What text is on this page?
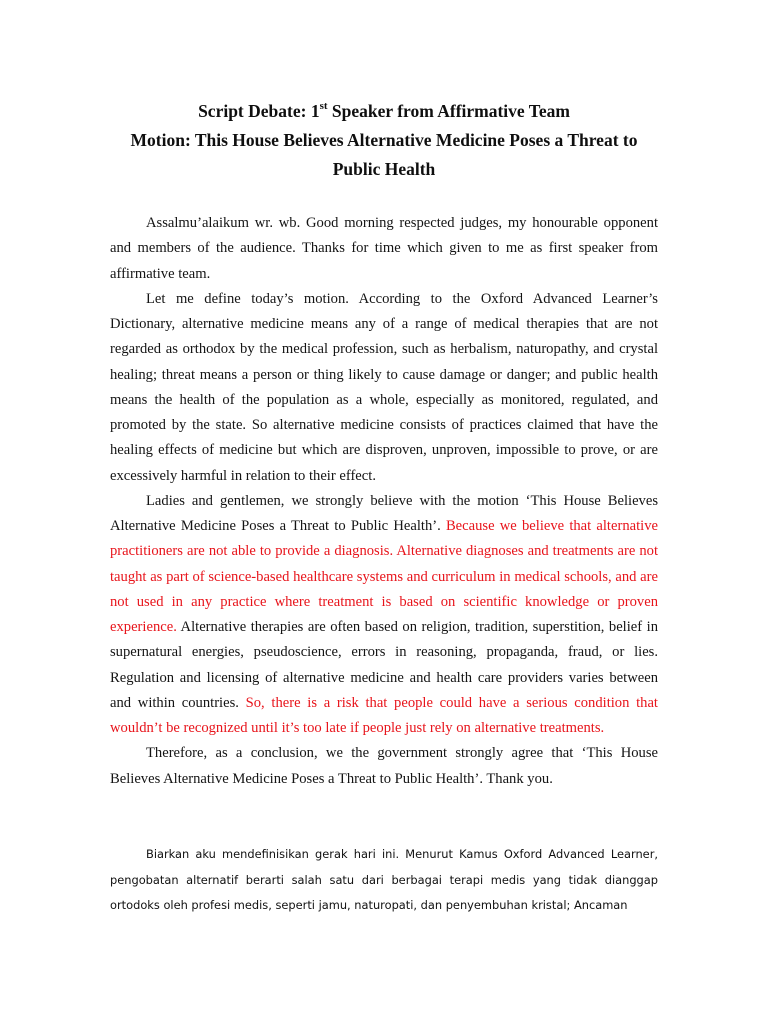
Script Debate: 1st Speaker from Affirmative Team
Motion: This House Believes Alternative Medicine Poses a Threat to
Public Health

Assalmu’alaikum wr. wb. Good morning respected judges, my honourable opponent and members of the audience. Thanks for time which given to me as first speaker from affirmative team.

Let me define today’s motion. According to the Oxford Advanced Learner’s Dictionary, alternative medicine means any of a range of medical therapies that are not regarded as orthodox by the medical profession, such as herbalism, naturopathy, and crystal healing; threat means a person or thing likely to cause damage or danger; and public health means the health of the population as a whole, especially as monitored, regulated, and promoted by the state. So alternative medicine consists of practices claimed that have the healing effects of medicine but which are disproven, unproven, impossible to prove, or are excessively harmful in relation to their effect.

Ladies and gentlemen, we strongly believe with the motion ‘This House Believes Alternative Medicine Poses a Threat to Public Health’. Because we believe that alternative practitioners are not able to provide a diagnosis. Alternative diagnoses and treatments are not taught as part of science-based healthcare systems and curriculum in medical schools, and are not used in any practice where treatment is based on scientific knowledge or proven experience. Alternative therapies are often based on religion, tradition, superstition, belief in supernatural energies, pseudoscience, errors in reasoning, propaganda, fraud, or lies. Regulation and licensing of alternative medicine and health care providers varies between and within countries. So, there is a risk that people could have a serious condition that wouldn’t be recognized until it’s too late if people just rely on alternative treatments.

Therefore, as a conclusion, we the government strongly agree that ‘This House Believes Alternative Medicine Poses a Threat to Public Health’. Thank you.

Biarkan aku mendefinisikan gerak hari ini. Menurut Kamus Oxford Advanced Learner, pengobatan alternatif berarti salah satu dari berbagai terapi medis yang tidak dianggap ortodoks oleh profesi medis, seperti jamu, naturopati, dan penyembuhan kristal; Ancaman
